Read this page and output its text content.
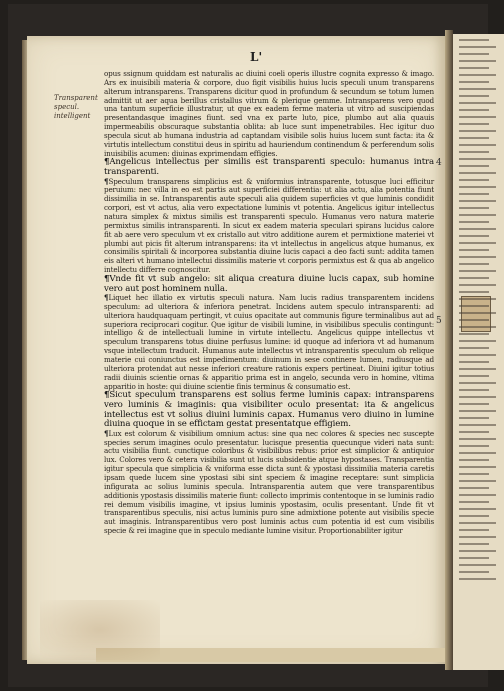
L'
Transparent specul. intelligent
4
5

opus ssignum quiddam est naturalis ac diuini coeli operis illustre cognita expresso & imago. Ars ex inuisibili materia & corpore, duo figit visibilis huius lucis speculi unum transparens alterum intransparens. Transparens dicitur quod in profundum & secundum se totum lumen admittit ut aer aqua berillus cristallus vitrum & plerique gemme. Intransparens vero quod una tantum superficie illustratur, ut que ex eadem ferme materia ut vitro ad suscipiendas presentandasque imagines fiunt. sed vna ex parte luto, pice, plumbo aut alia quauis impermeabilis obscuraque substantia oblita: ab luce sunt impenetrabiles. Hec igitur duo specula sicut ab humana industria ad captandam visibile solis huius lucem sunt facta: ita & virtutis intellectum constitui deus in spiritu ad hauriendum continendum & perferendum solis inuisibilis acumen: diuinas exprimendam effigies.

¶Angelicus intellectus per similis est transparenti speculo: humanus intra transparenti.

¶Speculum transparens simplicius est & vniformius intransparente, totusque luci efficitur peruium: nec villa in eo est partis aut superficiei differentia: ut alia actu, alia potentia fiunt dissimilia in se. Intransparentis aute speculi alia quidem superficies vt que luminis condidit corpori, est vt actus, alia vero expectatione luminis vt potentia. Angelicus igitur intellectus natura simplex & mixtus similis est transparenti speculo. Humanus vero natura materie permixtus similis intransparenti. In sicut ex eadem materia speculari spirans lucidus calore fit ab aere vero speculum vt ex cristallo aut vitro additione aurem et permixtione materiei vt plumbi aut picis fit alterum intransparens: ita vt intellectus in angelicus atque humanus, ex consimilis spiritali & incorporea substantia diuine lucis capaci a deo facti sunt: addita tamen eis alteri vt humano intellectui dissimilis materie vt corporis permixtus est & qua ab angelico intellectu differre cognoscitur.

¶Vnde fit vt sub angelo: sit aliqua creatura diuine lucis capax, sub homine vero aut post hominem nulla.

¶Liquet hec illatio ex virtutis speculi natura. Nam lucis radius transparentem incidens speculum: ad ulteriora & inferiora penetrat. Incidens autem speculo intransparenti: ad ulteriora haudquaquam pertingit, vt cuius opacitate aut communis figure terminalibus aut ad superiora reciprocari cogitur. Que igitur de visibili lumine, in visibilibus speculis contingunt: intelligo & de intellectuali lumine in virtute intellectu. Angelicus quippe intellectus vt speculum transparens totus diuine perfusus lumine: id quoque ad inferiora vt ad humanum vsque intellectum traducit. Humanus aute intellectus vt intransparentis speculum ob relique materie cui coniunctus est impedimentum: diuinum in sese continere lumen, radiusque ad ulteriora protendat aut nesse inferiori creature rationis expers pertineat. Diuini igitur totius radii diuinis scientie ornas & apparitio prima est in angelo, secunda vero in homine, vltima apparitio in hoste: qui diuine scientie finis terminus & consumatio est.

¶Sicut speculum transparens est solius ferme luminis capax: intransparens vero luminis & imaginis: qua visibiliter oculo presentat: ita & angelicus intellectus est vt solius diuini luminis capax. Humanus vero diuino in lumine diuina quoque in se effictam gestat presentatque effigiem.

¶Lux est colorum & visibilium omnium actus: sine qua nec colores & species nec suscepte species serum imagines oculo presentatur. lucisque presentia quecunque videri nata sunt: actu visibilia fiunt. cunctique coloribus & visibilibus rebus: prior est simplicior & antiquior lux. Colores vero & cetera visibilia sunt ut lucis subsidentie atque hypostases. Transparentia igitur specula que simplicia & vniforma esse dicta sunt & ypostasi dissimilia materia caretis ipsam quede lucem sine ypostasi sibi sint speciem & imagine receptare: sunt simplicia infigurata ac solius luminis specula. Intransparentia autem que vere transparentibus additionis ypostasis dissimilis materie fiunt: collecto imprimis contentoque in se luminis radio rei demum visibilis imagine, vt ipsius luminis ypostasim, oculis presentant. Unde fit vt transparentibus speculis, nisi actus luminis puro sine admixtione potente aut visibilis specie aut imaginis. Intransparentibus vero post luminis actus cum potentia id est cum visibilis specie & rei imagine que in speculo mediante lumine visitur. Proportionabiliter igitur
